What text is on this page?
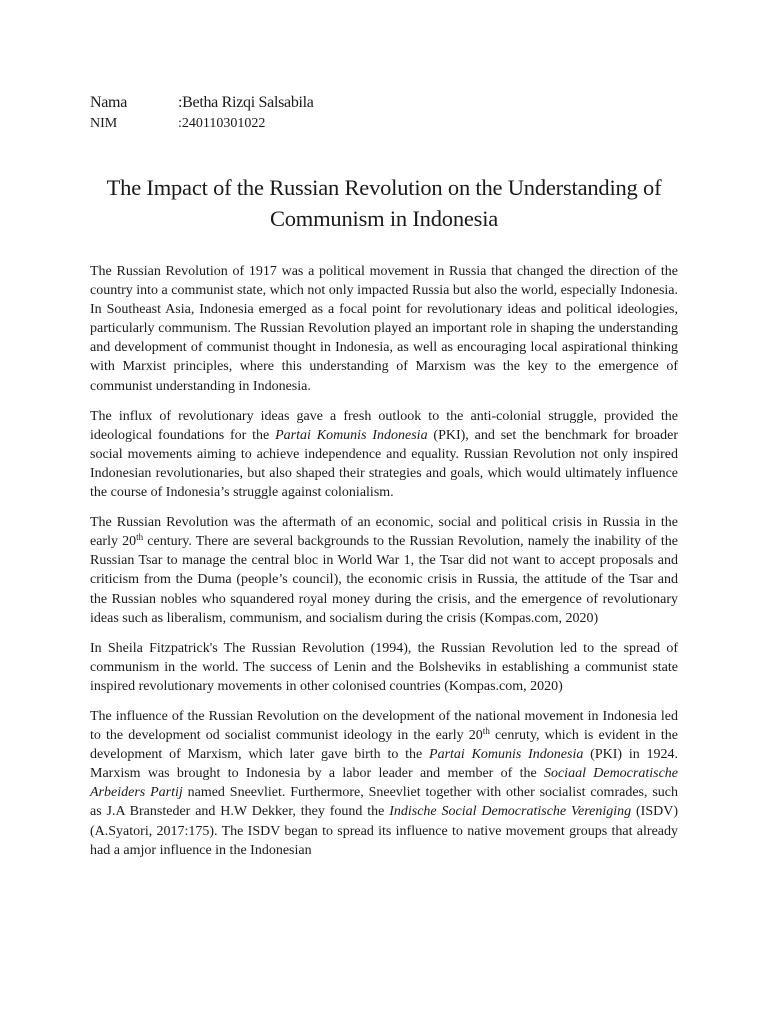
Nama	: Betha Rizqi Salsabila
NIM	: 240110301022
The Impact of the Russian Revolution on the Understanding of Communism in Indonesia

The Russian Revolution of 1917 was a political movement in Russia that changed the direction of the country into a communist state, which not only impacted Russia but also the world, especially Indonesia. In Southeast Asia, Indonesia emerged as a focal point for revolutionary ideas and political ideologies, particularly communism. The Russian Revolution played an important role in shaping the understanding and development of communist thought in Indonesia, as well as encouraging local aspirational thinking with Marxist principles, where this understanding of Marxism was the key to the emergence of communist understanding in Indonesia.

The influx of revolutionary ideas gave a fresh outlook to the anti-colonial struggle, provided the ideological foundations for the Partai Komunis Indonesia (PKI), and set the benchmark for broader social movements aiming to achieve independence and equality. Russian Revolution not only inspired Indonesian revolutionaries, but also shaped their strategies and goals, which would ultimately influence the course of Indonesia’s struggle against colonialism.

The Russian Revolution was the aftermath of an economic, social and political crisis in Russia in the early 20th century. There are several backgrounds to the Russian Revolution, namely the inability of the Russian Tsar to manage the central bloc in World War 1, the Tsar did not want to accept proposals and criticism from the Duma (people’s council), the economic crisis in Russia, the attitude of the Tsar and the Russian nobles who squandered royal money during the crisis, and the emergence of revolutionary ideas such as liberalism, communism, and socialism during the crisis (Kompas.com, 2020)

In Sheila Fitzpatrick's The Russian Revolution (1994), the Russian Revolution led to the spread of communism in the world. The success of Lenin and the Bolsheviks in establishing a communist state inspired revolutionary movements in other colonised countries (Kompas.com, 2020)

The influence of the Russian Revolution on the development of the national movement in Indonesia led to the development od socialist communist ideology in the early 20th cenruty, which is evident in the development of Marxism, which later gave birth to the Partai Komunis Indonesia (PKI) in 1924. Marxism was brought to Indonesia by a labor leader and member of the Sociaal Democratische Arbeiders Partij named Sneevliet. Furthermore, Sneevliet together with other socialist comrades, such as J.A Bransteder and H.W Dekker, they found the Indische Social Democratische Vereniging (ISDV) (A.Syatori, 2017:175). The ISDV began to spread its influence to native movement groups that already had a amjor influence in the Indonesian
